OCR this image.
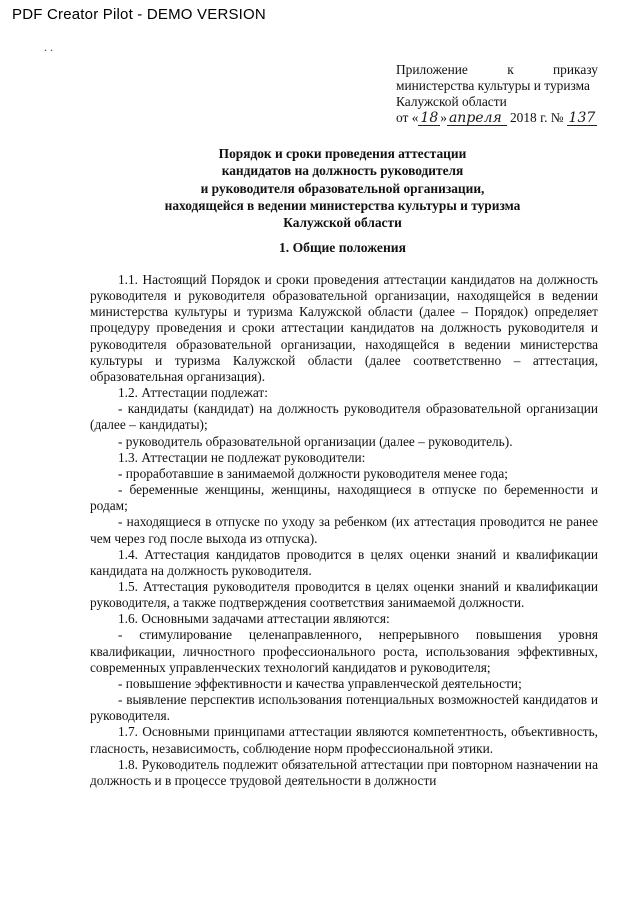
PDF Creator Pilot - DEMO VERSION
. .
Приложение	к	приказу
министерства культуры и туризма
Калужской области
от « 18 » апреля 2018 г. № 137
Порядок и сроки проведения аттестации
кандидатов на должность руководителя
и руководителя образовательной организации,
находящейся в ведении министерства культуры и туризма
Калужской области
1. Общие положения

1.1. Настоящий Порядок и сроки проведения аттестации кандидатов на должность руководителя и руководителя образовательной организации, находящейся в ведении министерства культуры и туризма Калужской области (далее – Порядок) определяет процедуру проведения и сроки аттестации кандидатов на должность руководителя и руководителя образовательной организации, находящейся в ведении министерства культуры и туризма Калужской области (далее соответственно – аттестация, образовательная организация).

1.2. Аттестации подлежат:

- кандидаты (кандидат) на должность руководителя образовательной организации (далее – кандидаты);

- руководитель образовательной организации (далее – руководитель).

1.3. Аттестации не подлежат руководители:

- проработавшие в занимаемой должности руководителя менее года;

- беременные женщины, женщины, находящиеся в отпуске по беременности и родам;

- находящиеся в отпуске по уходу за ребенком (их аттестация проводится не ранее чем через год после выхода из отпуска).

1.4. Аттестация кандидатов проводится в целях оценки знаний и квалификации кандидата на должность руководителя.

1.5. Аттестация руководителя проводится в целях оценки знаний и квалификации руководителя, а также подтверждения соответствия занимаемой должности.

1.6. Основными задачами аттестации являются:

- стимулирование целенаправленного, непрерывного повышения уровня квалификации, личностного профессионального роста, использования эффективных, современных управленческих технологий кандидатов и руководителя;

- повышение эффективности и качества управленческой деятельности;

- выявление перспектив использования потенциальных возможностей кандидатов и руководителя.

1.7. Основными принципами аттестации являются компетентность, объективность, гласность, независимость, соблюдение норм профессиональной этики.

1.8. Руководитель подлежит обязательной аттестации при повторном назначении на должность и в процессе трудовой деятельности в должности
